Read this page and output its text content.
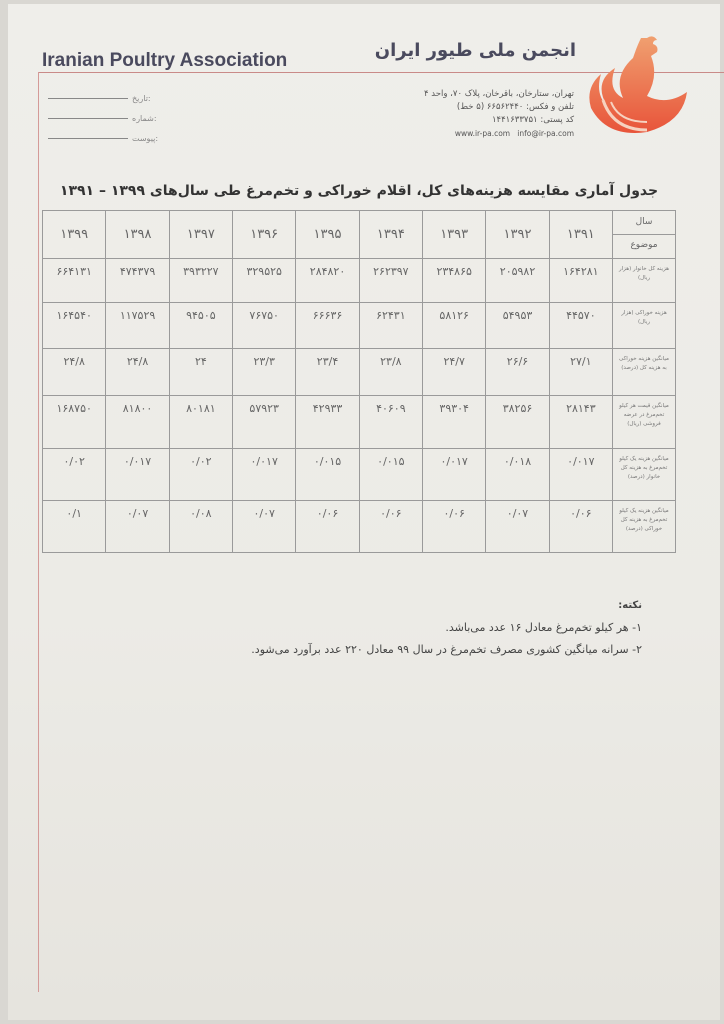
Iranian Poultry Association	انجمن ملی طیور ایران
تهران، ستارخان، باقرخان، پلاک ۷۰، واحد ۴
تلفن و فکس: ۶۶۵۶۲۴۴۰ (۵ خط)
کد پستی: ۱۴۴۱۶۳۳۷۵۱
www.ir-pa.com info@ir-pa.com
تاریخ:
شماره:
پیوست:
جدول آماری مقایسه هزینه‌های کل، اقلام خوراکی و تخم‌مرغ طی سال‌های ۱۳۹۹ – ۱۳۹۱
سال
موضوع	۱۳۹۱	۱۳۹۲	۱۳۹۳	۱۳۹۴	۱۳۹۵	۱۳۹۶	۱۳۹۷	۱۳۹۸	۱۳۹۹
هزینه کل خانوار (هزار ریال)	۱۶۴۲۸۱	۲۰۵۹۸۲	۲۳۴۸۶۵	۲۶۲۳۹۷	۲۸۴۸۲۰	۳۲۹۵۲۵	۳۹۳۲۲۷	۴۷۴۳۷۹	۶۶۴۱۳۱
هزینه خوراکی (هزار ریال)	۴۴۵۷۰	۵۴۹۵۳	۵۸۱۲۶	۶۲۴۳۱	۶۶۶۳۶	۷۶۷۵۰	۹۴۵۰۵	۱۱۷۵۲۹	۱۶۴۵۴۰
میانگین هزینه خوراکی به هزینه کل (درصد)	۲۷/۱	۲۶/۶	۲۴/۷	۲۳/۸	۲۳/۴	۲۳/۳	۲۴	۲۴/۸	۲۴/۸
میانگین قیمت هر کیلو تخم‌مرغ در عرضه فروشی (ریال)	۲۸۱۴۳	۳۸۲۵۶	۳۹۳۰۴	۴۰۶۰۹	۴۲۹۳۳	۵۷۹۲۳	۸۰۱۸۱	۸۱۸۰۰	۱۶۸۷۵۰
میانگین هزینه یک کیلو تخم‌مرغ به هزینه کل خانوار (درصد)	۰/۰۱۷	۰/۰۱۸	۰/۰۱۷	۰/۰۱۵	۰/۰۱۵	۰/۰۱۷	۰/۰۲	۰/۰۱۷	۰/۰۲
میانگین هزینه یک کیلو تخم‌مرغ به هزینه کل خوراکی (درصد)	۰/۰۶	۰/۰۷	۰/۰۶	۰/۰۶	۰/۰۶	۰/۰۷	۰/۰۸	۰/۰۷	۰/۱
نکته:
۱- هر کیلو تخم‌مرغ معادل ۱۶ عدد می‌باشد.
۲- سرانه میانگین کشوری مصرف تخم‌مرغ در سال ۹۹ معادل ۲۲۰ عدد برآورد می‌شود.
